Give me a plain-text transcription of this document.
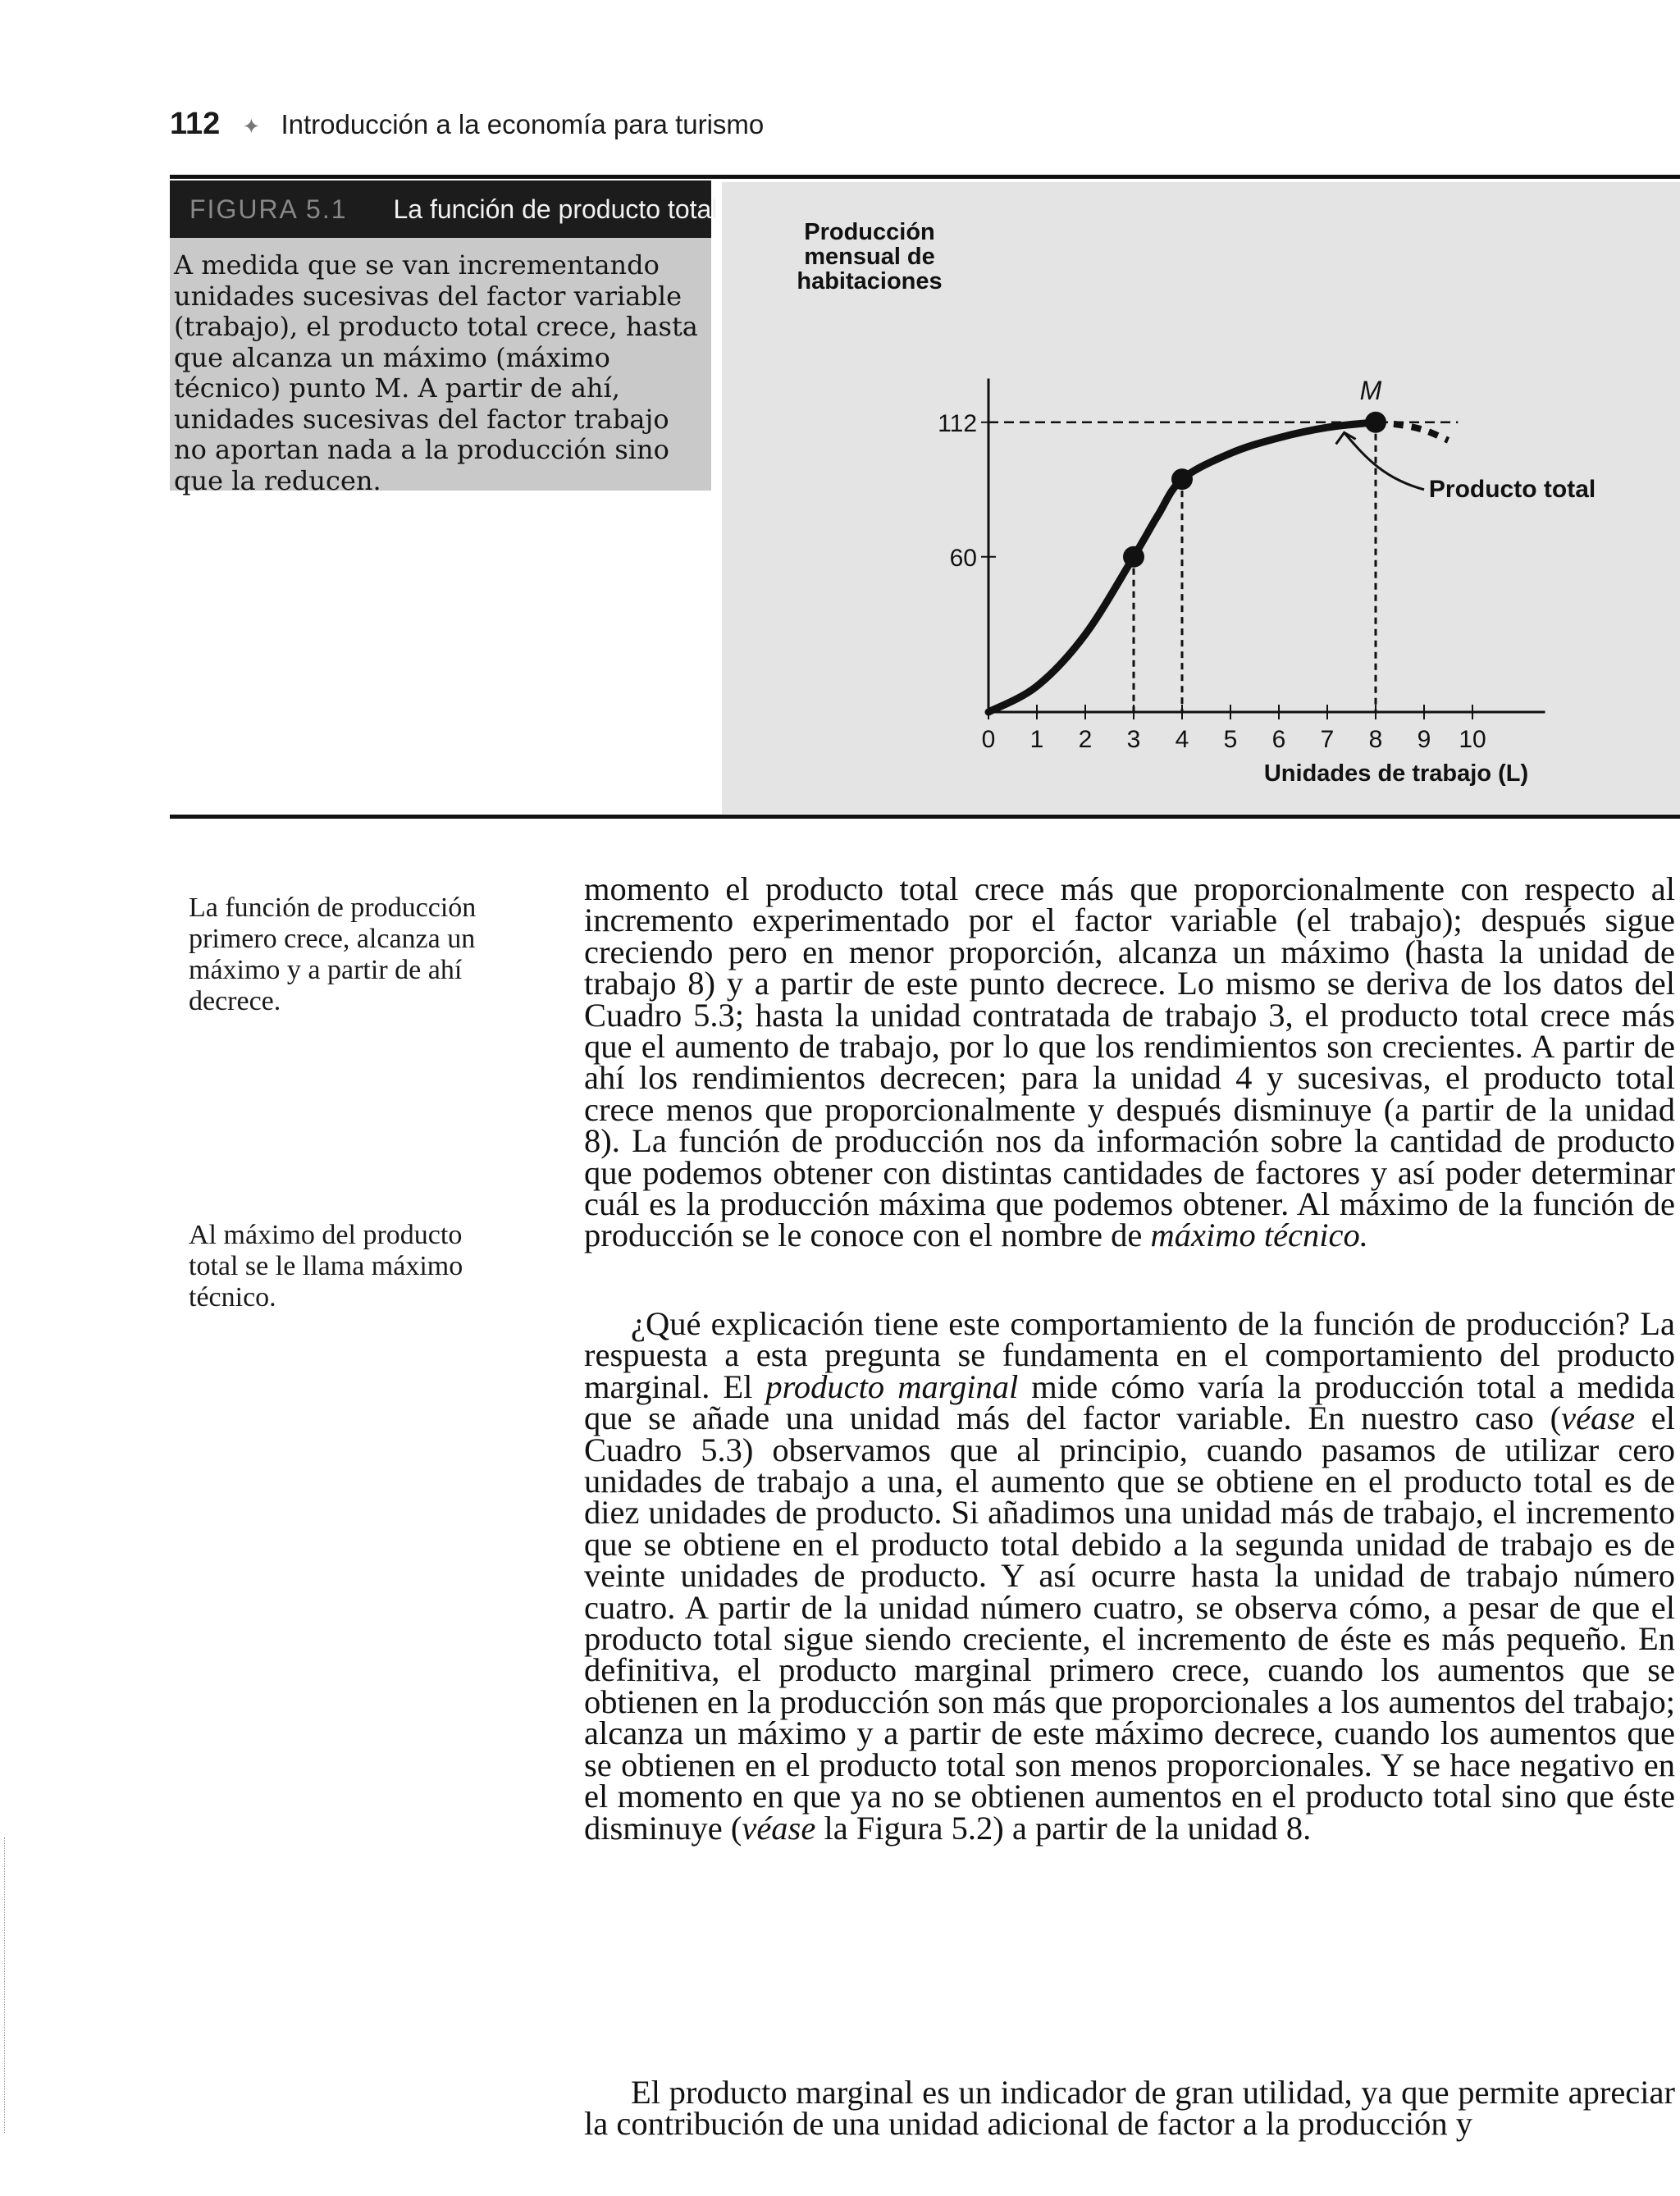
112 ✦ Introducción a la economía para turismo
FIGURA 5.1 La función de producto total
A medida que se van incrementando unidades sucesivas del factor variable (trabajo), el producto total crece, hasta que alcanza un máximo (máximo técnico) punto M. A partir de ahí, unidades sucesivas del factor trabajo no aportan nada a la producción sino que la reducen.
Producción
mensual de
habitaciones
0 1 2 3 4 5 6 7 8 9 10
60
112
M
Producto total
Unidades de trabajo (L)
La función de producción primero crece, alcanza un máximo y a partir de ahí decrece.
Al máximo del producto total se le llama máximo técnico.

momento el producto total crece más que proporcionalmente con respecto al incremento experimentado por el factor variable (el trabajo); después sigue creciendo pero en menor proporción, alcanza un máximo (hasta la unidad de trabajo 8) y a partir de este punto decrece. Lo mismo se deriva de los datos del Cuadro 5.3; hasta la unidad contratada de trabajo 3, el producto total crece más que el aumento de trabajo, por lo que los rendimientos son crecientes. A partir de ahí los rendimientos decrecen; para la unidad 4 y sucesivas, el producto total crece menos que proporcionalmente y después disminuye (a partir de la unidad 8). La función de producción nos da información sobre la cantidad de producto que podemos obtener con distintas cantidades de factores y así poder determinar cuál es la producción máxima que podemos obtener. Al máximo de la función de producción se le conoce con el nombre de máximo técnico.

¿Qué explicación tiene este comportamiento de la función de producción? La respuesta a esta pregunta se fundamenta en el comportamiento del producto marginal. El producto marginal mide cómo varía la producción total a medida que se añade una unidad más del factor variable. En nuestro caso (véase el Cuadro 5.3) observamos que al principio, cuando pasamos de utilizar cero unidades de trabajo a una, el aumento que se obtiene en el producto total es de diez unidades de producto. Si añadimos una unidad más de trabajo, el incremento que se obtiene en el producto total debido a la segunda unidad de trabajo es de veinte unidades de producto. Y así ocurre hasta la unidad de trabajo número cuatro. A partir de la unidad número cuatro, se observa cómo, a pesar de que el producto total sigue siendo creciente, el incremento de éste es más pequeño. En definitiva, el producto marginal primero crece, cuando los aumentos que se obtienen en la producción son más que proporcionales a los aumentos del trabajo; alcanza un máximo y a partir de este máximo decrece, cuando los aumentos que se obtienen en el producto total son menos proporcionales. Y se hace negativo en el momento en que ya no se obtienen aumentos en el producto total sino que éste disminuye (véase la Figura 5.2) a partir de la unidad 8.

El producto marginal es un indicador de gran utilidad, ya que permite apreciar la contribución de una unidad adicional de factor a la producción y
